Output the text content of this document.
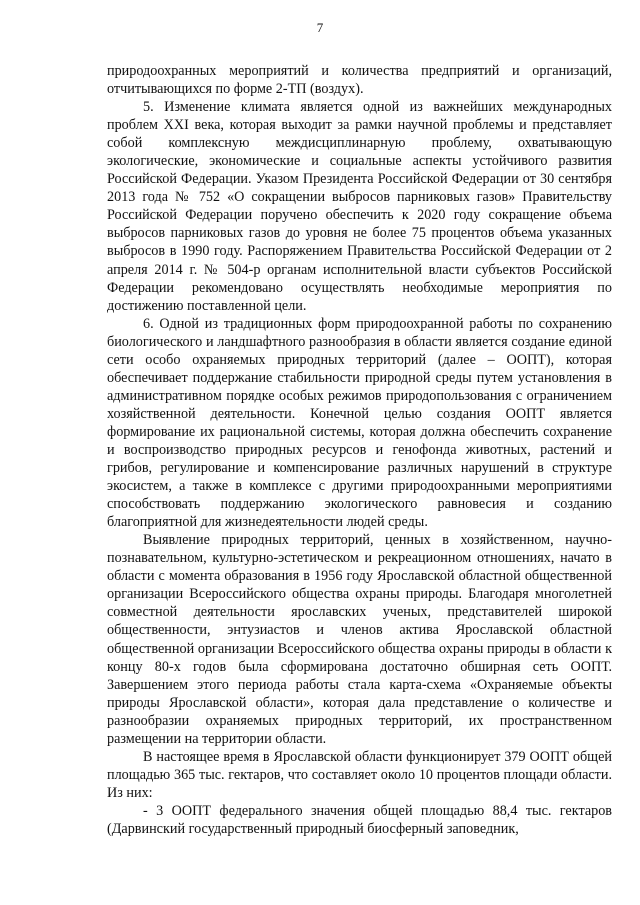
7

природоохранных мероприятий и количества предприятий и организаций, отчитывающихся по форме 2-ТП (воздух).

5. Изменение климата является одной из важнейших международных проблем XXI века, которая выходит за рамки научной проблемы и представляет собой комплексную междисциплинарную проблему, охватывающую экологические, экономические и социальные аспекты устойчивого развития Российской Федерации. Указом Президента Российской Федерации от 30 сентября 2013 года № 752 «О сокращении выбросов парниковых газов» Правительству Российской Федерации поручено обеспечить к 2020 году сокращение объема выбросов парниковых газов до уровня не более 75 процентов объема указанных выбросов в 1990 году. Распоряжением Правительства Российской Федерации от 2 апреля 2014 г. № 504-р органам исполнительной власти субъектов Российской Федерации рекомендовано осуществлять необходимые мероприятия по достижению поставленной цели.

6. Одной из традиционных форм природоохранной работы по сохранению биологического и ландшафтного разнообразия в области является создание единой сети особо охраняемых природных территорий (далее – ООПТ), которая обеспечивает поддержание стабильности природной среды путем установления в административном порядке особых режимов природопользования с ограничением хозяйственной деятельности. Конечной целью создания ООПТ является формирование их рациональной системы, которая должна обеспечить сохранение и воспроизводство природных ресурсов и генофонда животных, растений и грибов, регулирование и компенсирование различных нарушений в структуре экосистем, а также в комплексе с другими природоохранными мероприятиями способствовать поддержанию экологического равновесия и созданию благоприятной для жизнедеятельности людей среды.

Выявление природных территорий, ценных в хозяйственном, научно-познавательном, культурно-эстетическом и рекреационном отношениях, начато в области с момента образования в 1956 году Ярославской областной общественной организации Всероссийского общества охраны природы. Благодаря многолетней совместной деятельности ярославских ученых, представителей широкой общественности, энтузиастов и членов актива Ярославской областной общественной организации Всероссийского общества охраны природы в области к концу 80-х годов была сформирована достаточно обширная сеть ООПТ. Завершением этого периода работы стала карта-схема «Охраняемые объекты природы Ярославской области», которая дала представление о количестве и разнообразии охраняемых природных территорий, их пространственном размещении на территории области.

В настоящее время в Ярославской области функционирует 379 ООПТ общей площадью 365 тыс. гектаров, что составляет около 10 процентов площади области. Из них:

- 3 ООПТ федерального значения общей площадью 88,4 тыс. гектаров (Дарвинский государственный природный биосферный заповедник,
